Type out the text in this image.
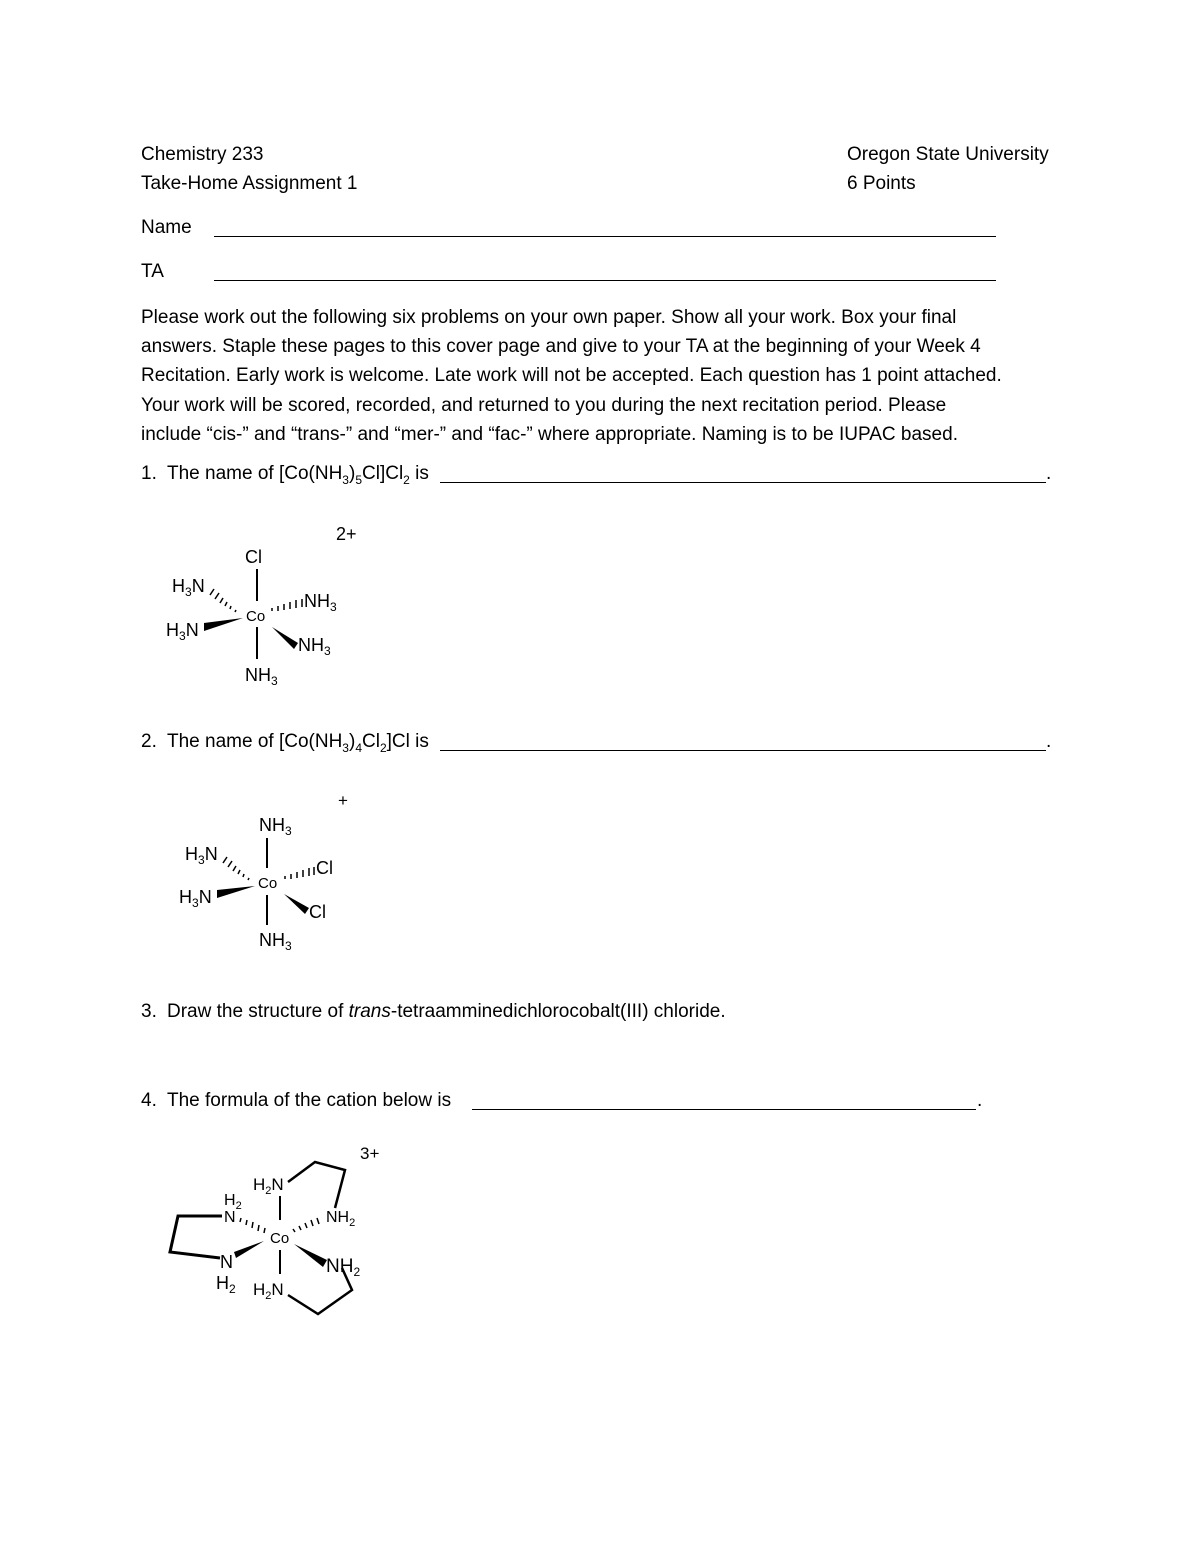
Chemistry 233
Take-Home Assignment 1
Oregon State University
6 Points
Name
TA
Please work out the following six problems on your own paper. Show all your work. Box your final
answers. Staple these pages to this cover page and give to your TA at the beginning of your Week 4
Recitation. Early work is welcome. Late work will not be accepted. Each question has 1 point attached.
Your work will be scored, recorded, and returned to you during the next recitation period. Please
include “cis-” and “trans-” and “mer-” and “fac-” where appropriate. Naming is to be IUPAC based.
1. The name of $[Co(NH_3)_5Cl]Cl_2$ is	.
2+
Cl
Co
$NH_3$
$H_3N$
$H_3N$
$NH_3$
$NH_3$
2. The name of $[Co(NH_3)_4Cl_2]Cl$ is	.
+
$NH_3$
Co
$NH_3$
$H_3N$
$H_3N$
Cl
Cl
3. Draw the structure of trans-tetraamminedichlorocobalt(III) chloride.
4. The formula of the cation below is	.
3+
$H_2N$
Co
$H_2N$
$NH_2$
$NH_2$
$H_2$
N
N
$H_2$
